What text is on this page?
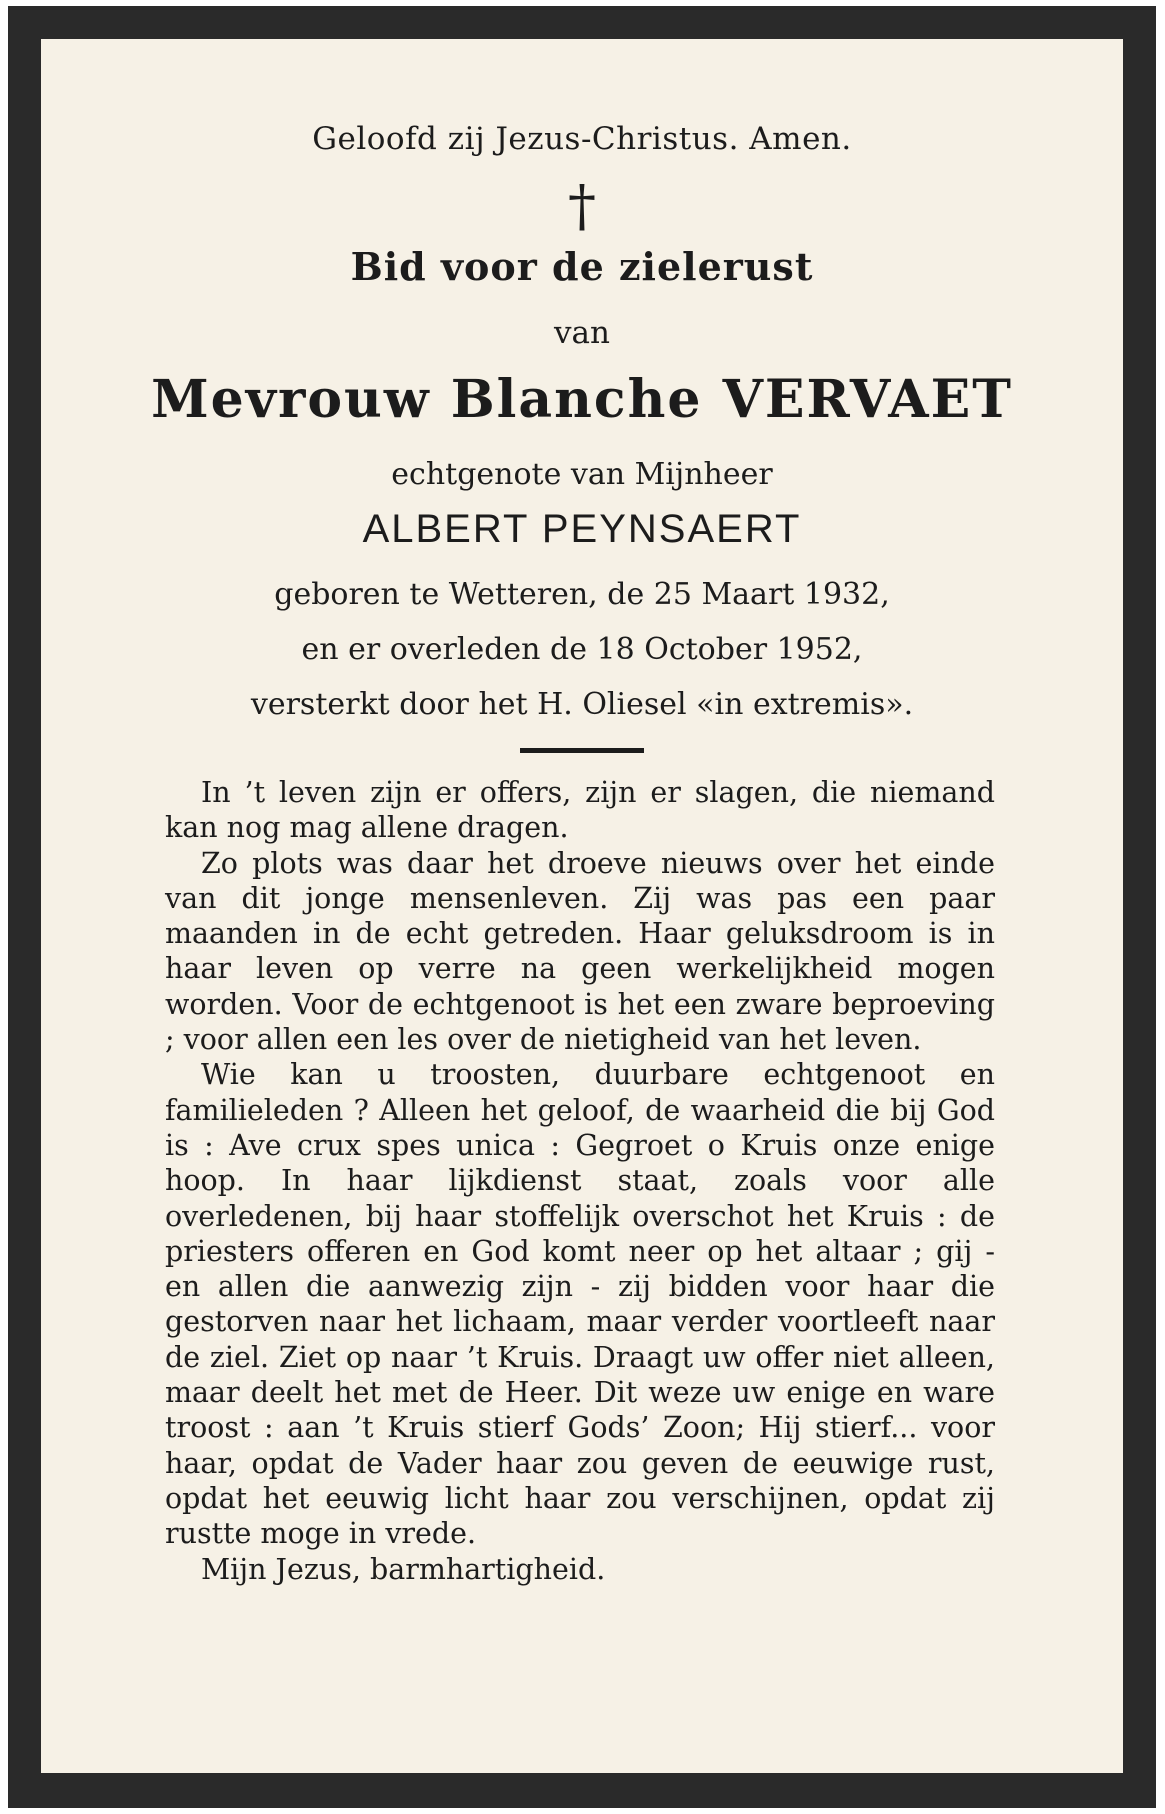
Geloofd zij Jezus-Christus. Amen.
†
Bid voor de zielerust
van
Mevrouw Blanche VERVAET
echtgenote van Mijnheer
ALBERT PEYNSAERT
geboren te Wetteren, de 25 Maart 1932,
en er overleden de 18 October 1952,
versterkt door het H. Oliesel «in extremis».

In ’t leven zijn er offers, zijn er slagen, die niemand kan nog mag allene dragen.

Zo plots was daar het droeve nieuws over het einde van dit jonge mensenleven. Zij was pas een paar maanden in de echt getreden. Haar geluksdroom is in haar leven op verre na geen werkelijkheid mogen worden. Voor de echtgenoot is het een zware beproeving ; voor allen een les over de nietigheid van het leven.

Wie kan u troosten, duurbare echtgenoot en familieleden ? Alleen het geloof, de waarheid die bij God is : Ave crux spes unica : Gegroet o Kruis onze enige hoop. In haar lijkdienst staat, zoals voor alle overledenen, bij haar stoffelijk overschot het Kruis : de priesters offeren en God komt neer op het altaar ; gij - en allen die aanwezig zijn - zij bidden voor haar die gestorven naar het lichaam, maar verder voortleeft naar de ziel. Ziet op naar ’t Kruis. Draagt uw offer niet alleen, maar deelt het met de Heer. Dit weze uw enige en ware troost : aan ’t Kruis stierf Gods’ Zoon; Hij stierf... voor haar, opdat de Vader haar zou geven de eeuwige rust, opdat het eeuwig licht haar zou verschijnen, opdat zij rustte moge in vrede.

Mijn Jezus, barmhartigheid.
